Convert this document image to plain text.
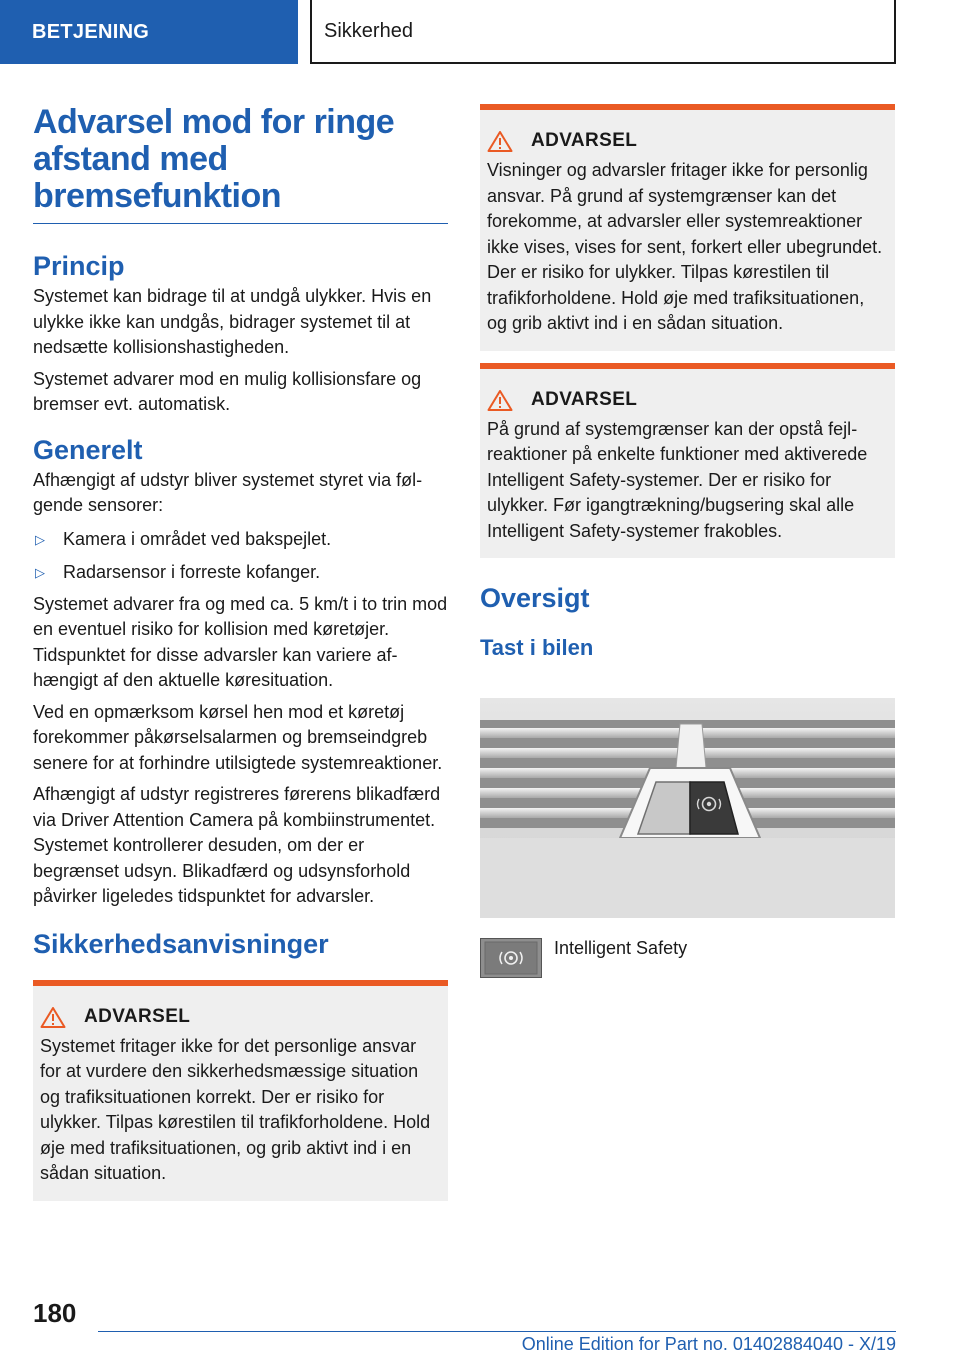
BETJENING	Sikkerhed
Advarsel mod for ringe afstand med bremsefunktion
Princip

Systemet kan bidrage til at undgå ulykker. Hvis en ulykke ikke kan undgås, bidrager systemet til at nedsætte kollisionshastigheden.

Systemet advarer mod en mulig kollisionsfare og bremser evt. automatisk.

Generelt

Afhængigt af udstyr bliver systemet styret via følgende sensorer:

▷	Kamera i området ved bakspejlet.
▷	Radarsensor i forreste kofanger.

Systemet advarer fra og med ca. 5 km/t i to trin mod en eventuel risiko for kollision med køretøjer. Tidspunktet for disse advarsler kan variere afhængigt af den aktuelle køresituation.

Ved en opmærksom kørsel hen mod et køretøj forekommer påkørselsalarmen og bremseindgreb senere for at forhindre utilsigtede systemreaktioner.

Afhængigt af udstyr registreres førerens blikadfærd via Driver Attention Camera på kombiinstrumentet. Systemet kontrollerer desuden, om der er begrænset udsyn. Blikadfærd og udsynsforhold påvirker ligeledes tidspunktet for advarsler.

Sikkerhedsanvisninger
ADVARSEL

Systemet fritager ikke for det personlige ansvar for at vurdere den sikkerhedsmæssige situation og trafiksituationen korrekt. Der er risiko for ulykker. Tilpas kørestilen til trafikforholdene. Hold øje med trafiksituationen, og grib aktivt ind i en sådan situation.

ADVARSEL

Visninger og advarsler fritager ikke for personlig ansvar. På grund af systemgrænser kan det forekomme, at advarsler eller systemreaktioner ikke vises, vises for sent, forkert eller ubegrundet. Der er risiko for ulykker. Tilpas kørestilen til trafikforholdene. Hold øje med trafiksituationen, og grib aktivt ind i en sådan situation.

ADVARSEL

På grund af systemgrænser kan der opstå fejlreaktioner på enkelte funktioner med aktiverede Intelligent Safety-systemer. Der er risiko for ulykker. Før igangtrækning/bugsering skal alle Intelligent Safety-systemer frakobles.

Oversigt
Tast i bilen
Intelligent Safety
180
Online Edition for Part no. 01402884040 - X/19
